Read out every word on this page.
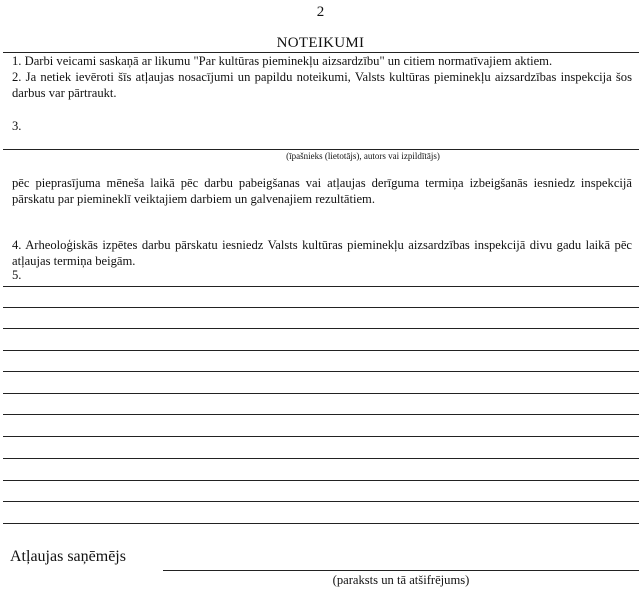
2
NOTEIKUMI
1. Darbi veicami saskaņā ar likumu "Par kultūras pieminekļu aizsardzību" un citiem normatīvajiem aktiem.
2. Ja netiek ievēroti šīs atļaujas nosacījumi un papildu noteikumi, Valsts kultūras pieminekļu aizsardzības inspekcija šos darbus var pārtraukt.
3.
(īpašnieks (lietotājs), autors vai izpildītājs)
pēc pieprasījuma mēneša laikā pēc darbu pabeigšanas vai atļaujas derīguma termiņa izbeigšanās iesniedz inspekcijā pārskatu par piemineklī veiktajiem darbiem un galvenajiem rezultātiem.
4. Arheoloģiskās izpētes darbu pārskatu iesniedz Valsts kultūras pieminekļu aizsardzības inspekcijā divu gadu laikā pēc atļaujas termiņa beigām.
5.
Atļaujas saņēmējs
(paraksts un tā atšifrējums)
